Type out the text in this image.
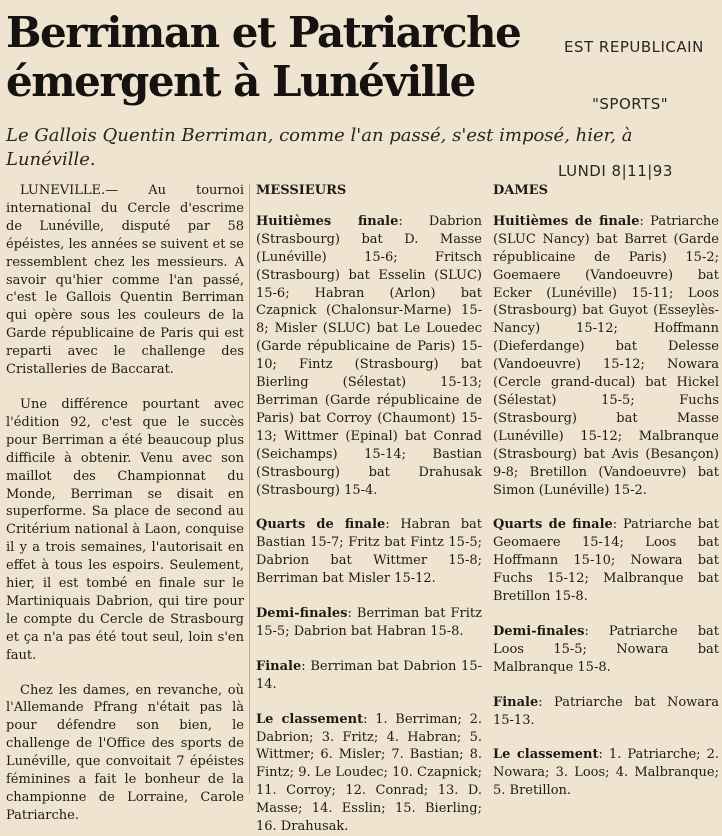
EST REPUBLICAIN

"SPORTS"

LUNDI 8|11|93

Berriman et Patriarche
émergent à Lunéville
Le Gallois Quentin Berriman, comme l'an passé, s'est imposé, hier, à Lunéville.

LUNEVILLE.— Au tournoi international du Cercle d'escrime de Lunéville, disputé par 58 épéistes, les années se suivent et se ressemblent chez les messieurs. A savoir qu'hier comme l'an passé, c'est le Gallois Quentin Berriman qui opère sous les couleurs de la Garde républicaine de Paris qui est reparti avec le challenge des Cristalleries de Baccarat.

Une différence pourtant avec l'édition 92, c'est que le succès pour Berriman a été beaucoup plus difficile à obtenir. Venu avec son maillot des Championnat du Monde, Berriman se disait en superforme. Sa place de second au Critérium national à Laon, conquise il y a trois semaines, l'autorisait en effet à tous les espoirs. Seulement, hier, il est tombé en finale sur le Martiniquais Dabrion, qui tire pour le compte du Cercle de Strasbourg et ça n'a pas été tout seul, loin s'en faut.

Chez les dames, en revanche, où l'Allemande Pfrang n'était pas là pour défendre son bien, le challenge de l'Office des sports de Lunéville, que convoitait 7 épéistes féminines a fait le bonheur de la championne de Lorraine, Carole Patriarche.

MESSIEURS
Huitièmes finale: Dabrion (Strasbourg) bat D. Masse (Lunéville) 15-6; Fritsch (Strasbourg) bat Esselin (SLUC) 15-6; Habran (Arlon) bat Czapnick (Chalonsur-Marne) 15-8; Misler (SLUC) bat Le Louedec (Garde républicaine de Paris) 15-10; Fintz (Strasbourg) bat Bierling (Sélestat) 15-13; Berriman (Garde républicaine de Paris) bat Corroy (Chaumont) 15-13; Wittmer (Epinal) bat Conrad (Seichamps) 15-14; Bastian (Strasbourg) bat Drahusak (Strasbourg) 15-4.
Quarts de finale: Habran bat Bastian 15-7; Fritz bat Fintz 15-5; Dabrion bat Wittmer 15-8; Berriman bat Misler 15-12.
Demi-finales: Berriman bat Fritz 15-5; Dabrion bat Habran 15-8.
Finale: Berriman bat Dabrion 15-14.
Le classement: 1. Berriman; 2. Dabrion; 3. Fritz; 4. Habran; 5. Wittmer; 6. Misler; 7. Bastian; 8. Fintz; 9. Le Loudec; 10. Czapnick; 11. Corroy; 12. Conrad; 13. D. Masse; 14. Esslin; 15. Bierling; 16. Drahusak.
DAMES
Huitièmes de finale: Patriarche (SLUC Nancy) bat Barret (Garde républicaine de Paris) 15-2; Goemaere (Vandoeuvre) bat Ecker (Lunéville) 15-11; Loos (Strasbourg) bat Guyot (Esseylès-Nancy) 15-12; Hoffmann (Dieferdange) bat Delesse (Vandoeuvre) 15-12; Nowara (Cercle grand-ducal) bat Hickel (Sélestat) 15-5; Fuchs (Strasbourg) bat Masse (Lunéville) 15-12; Malbranque (Strasbourg) bat Avis (Besançon) 9-8; Bretillon (Vandoeuvre) bat Simon (Lunéville) 15-2.
Quarts de finale: Patriarche bat Geomaere 15-14; Loos bat Hoffmann 15-10; Nowara bat Fuchs 15-12; Malbranque bat Bretillon 15-8.
Demi-finales: Patriarche bat Loos 15-5; Nowara bat Malbranque 15-8.
Finale: Patriarche bat Nowara 15-13.
Le classement: 1. Patriarche; 2. Nowara; 3. Loos; 4. Malbranque; 5. Bretillon.
